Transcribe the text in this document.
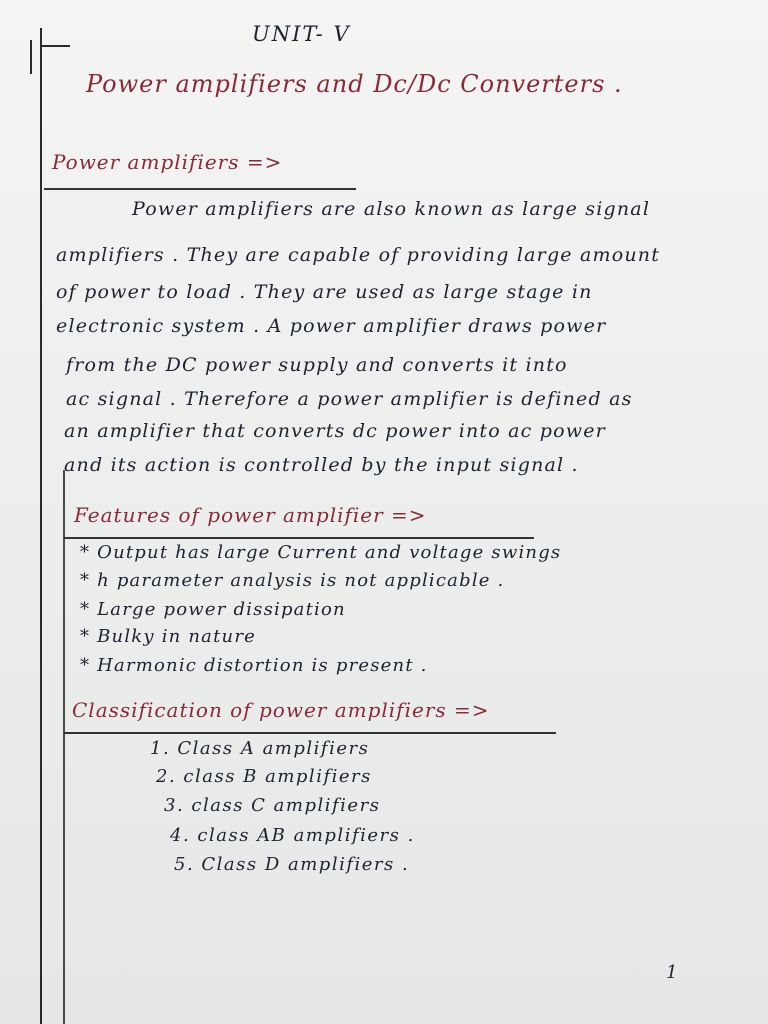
UNIT- V
Power amplifiers and Dc/Dc Converters .
Power amplifiers =>
Power amplifiers are also known as large signal
amplifiers . They are capable of providing large amount
of power to load . They are used as large stage in
electronic system . A power amplifier draws power
from the DC power supply and converts it into
ac signal . Therefore a power amplifier is defined as
an amplifier that converts dc power into ac power
and its action is controlled by the input signal .
Features of power amplifier =>
* Output has large Current and voltage swings
* h parameter analysis is not applicable .
* Large power dissipation
* Bulky in nature
* Harmonic distortion is present .
Classification of power amplifiers =>
1. Class A amplifiers
2. class B amplifiers
3. class C amplifiers
4. class AB amplifiers .
5. Class D amplifiers .
1
